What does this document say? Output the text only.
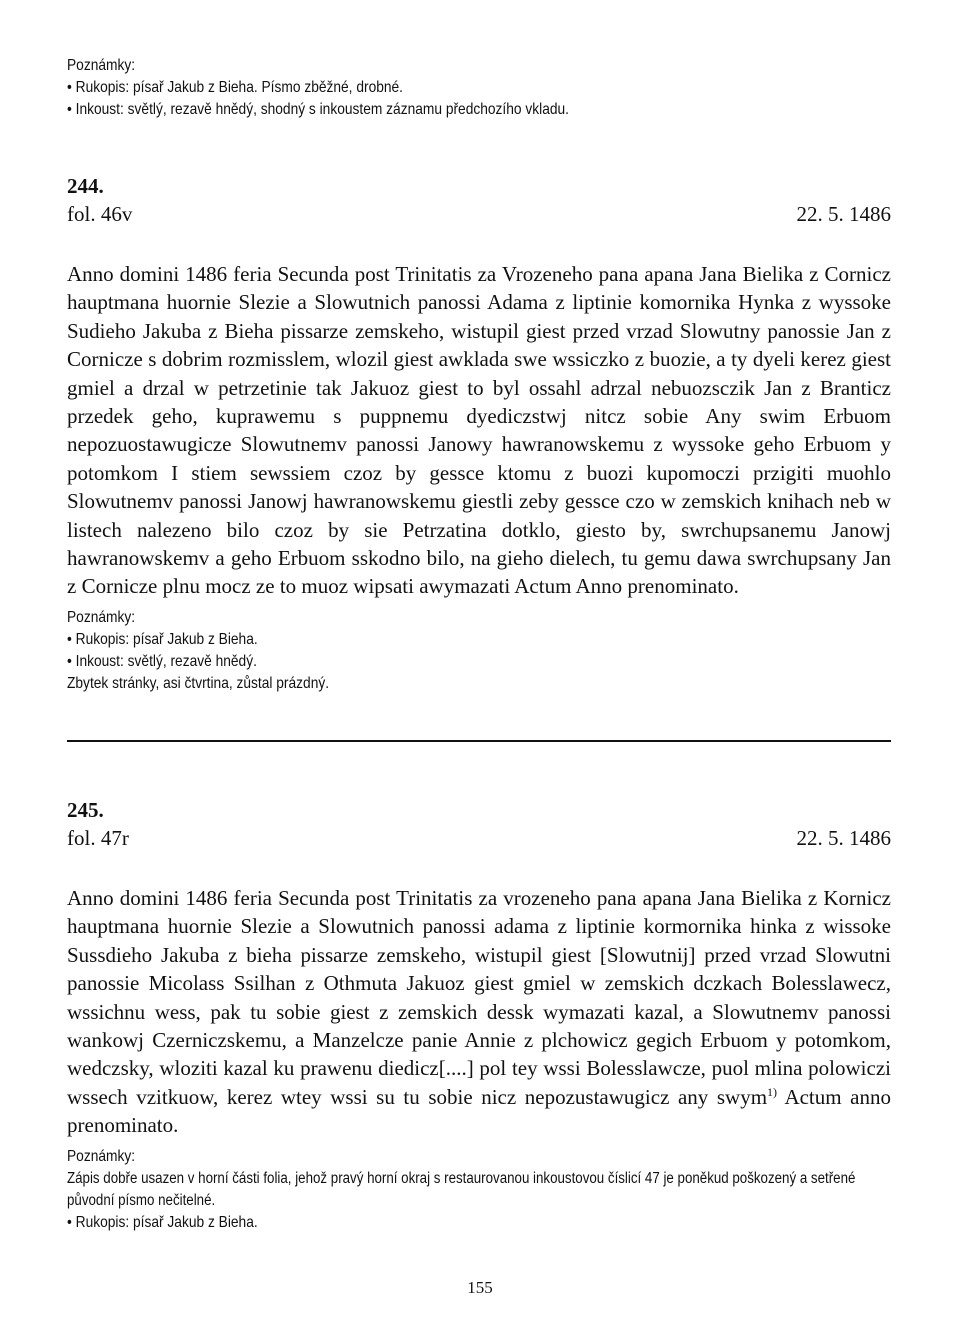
Poznámky:
• Rukopis: písař Jakub z Bieha. Písmo zběžné, drobné.
• Inkoust: světlý, rezavě hnědý, shodný s inkoustem záznamu předchozího vkladu.
244.
fol. 46v	22. 5. 1486

Anno domini 1486 feria Secunda post Trinitatis za Vrozeneho pana apana Jana Bielika z Cornicz hauptmana huornie Slezie a Slowutnich panossi Adama z liptinie komornika Hynka z wyssoke Sudieho Jakuba z Bieha pissarze zemskeho, wistupil giest przed vrzad Slowutny panossie Jan z Cornicze s dobrim rozmisslem, wlozil giest awklada swe wssiczko z buozie, a ty dyeli kerez giest gmiel a drzal w petrzetinie tak Jakuoz giest to byl ossahl adrzal nebuozsczik Jan z Branticz przedek geho, kuprawemu s puppnemu dyediczstwj nitcz sobie Any swim Erbuom nepozuostawugicze Slowutnemv panossi Janowy hawranowskemu z wyssoke geho Erbuom y potomkom I stiem sewssiem czoz by gessce ktomu z buozi kupomoczi przigiti muohlo Slowutnemv panossi Janowj hawranowskemu giestli zeby gessce czo w zemskich knihach neb w listech nalezeno bilo czoz by sie Petrzatina dotklo, giesto by, swrchupsanemu Janowj hawranowskemv a geho Erbuom sskodno bilo, na gieho dielech, tu gemu dawa swrchupsany Jan z Cornicze plnu mocz ze to muoz wipsati awymazati Actum Anno prenominato.

Poznámky:
• Rukopis: písař Jakub z Bieha.
• Inkoust: světlý, rezavě hnědý.
Zbytek stránky, asi čtvrtina, zůstal prázdný.
245.
fol. 47r	22. 5. 1486

Anno domini 1486 feria Secunda post Trinitatis za vrozeneho pana apana Jana Bielika z Kornicz hauptmana huornie Slezie a Slowutnich panossi adama z liptinie kormornika hinka z wissoke Sussdieho Jakuba z bieha pissarze zemskeho, wistupil giest [Slowutnij] przed vrzad Slowutni panossie Micolass Ssilhan z Othmuta Jakuoz giest gmiel w zemskich dczkach Bolesslawecz, wssichnu wess, pak tu sobie giest z zemskich dessk wymazati kazal, a Slowutnemv panossi wankowj Czerniczskemu, a Manzelcze panie Annie z plchowicz gegich Erbuom y potomkom, wedczsky, wloziti kazal ku prawenu diedicz[....] pol tey wssi Bolesslawcze, puol mlina polowiczi wssech vzitkuow, kerez wtey wssi su tu sobie nicz nepozustawugicz any swym$^{1)}$ Actum anno prenominato.

Poznámky:
Zápis dobře usazen v horní části folia, jehož pravý horní okraj s restaurovanou inkoustovou číslicí 47 je poněkud poškozený a setřené původní písmo nečitelné.
• Rukopis: písař Jakub z Bieha.
155
